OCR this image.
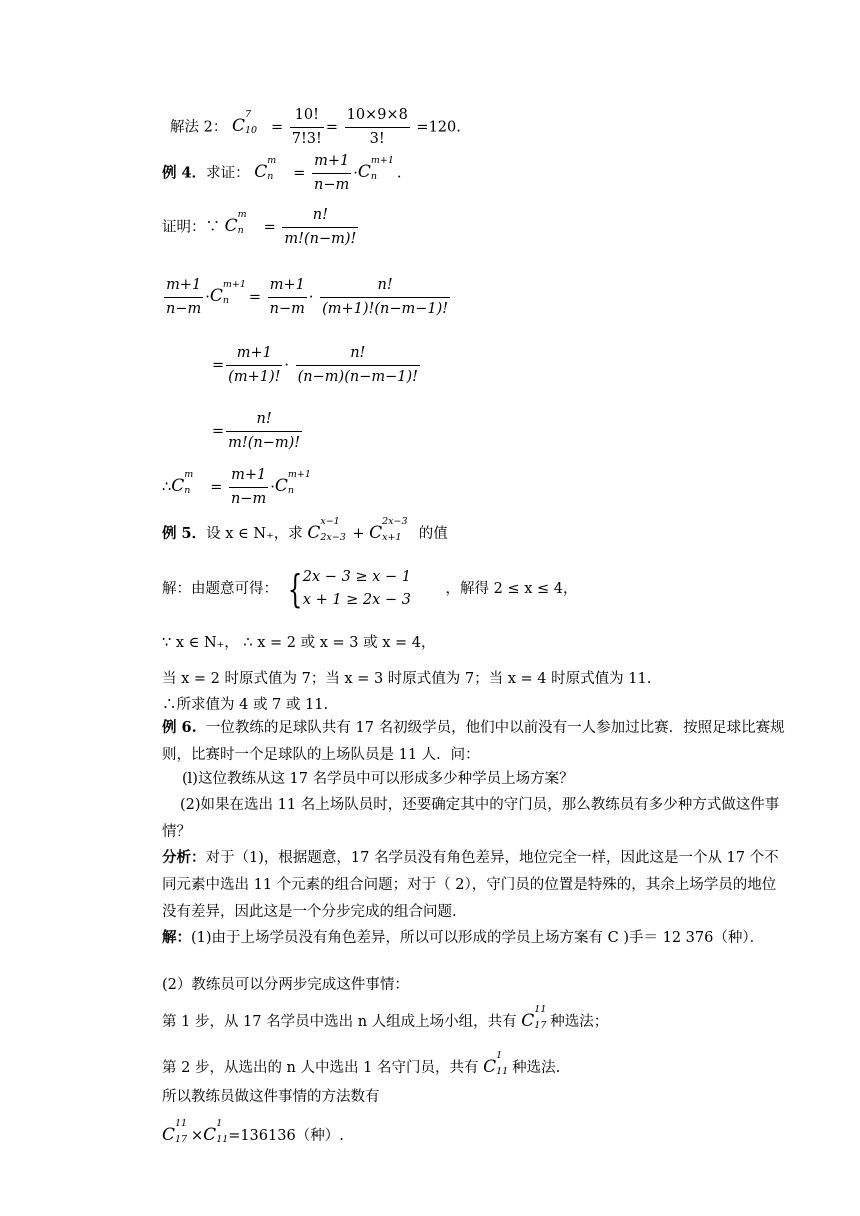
解法 2： C
7
$10 = \frac{10!}{7!3!} = \frac{10\times 9\times 8}{3!} =120$.
例 4．求证： C
m
$n = \frac{m+1}{n-m} \cdot C$
m+1
n .
证明：∵ C
m
$n = \frac{n!}{m!(n-m)!}$
$\frac{m+1}{n-m} \cdot C$
m+1
$n = \frac{m+1}{n-m} \cdot \frac{n!}{(m+1)!(n-m-1)!}$
= $\frac{m+1}{(m+1)!} \cdot \frac{n!}{(n-m)(n-m-1)!}$
= $\frac{n!}{m!(n-m)!}$
∴C
m
$n = \frac{m+1}{n-m} \cdot C$
m+1
n
例 5．设 x ∈ N₊，求 C
x−1
2x−3 + C
2x−3
x+1 的值
解：由题意可得： { 2x − 3 ≥ x − 1
x + 1 ≥ 2x − 3
，解得 2 ≤ x ≤ 4，
∵ x ∈ N₊， ∴ x = 2 或 x = 3 或 x = 4，
当 x = 2 时原式值为 7；当 x = 3 时原式值为 7；当 x = 4 时原式值为 11.
∴所求值为 4 或 7 或 11.
例 6. 一位教练的足球队共有 17 名初级学员，他们中以前没有一人参加过比赛．按照足球比赛规则，比赛时一个足球队的上场队员是 11 人．问：
(l)这位教练从这 17 名学员中可以形成多少种学员上场方案？
(2)如果在选出 11 名上场队员时，还要确定其中的守门员，那么教练员有多少种方式做这件事情？
分析：对于（1)，根据题意，17 名学员没有角色差异，地位完全一样，因此这是一个从 17 个不同元素中选出 11 个元素的组合问题；对于（ 2），守门员的位置是特殊的，其余上场学员的地位没有差异，因此这是一个分步完成的组合问题.
解：(1)由于上场学员没有角色差异，所以可以形成的学员上场方案有 C )手＝ 12 376（种）．
(2）教练员可以分两步完成这件事情：
第 1 步，从 17 名学员中选出 n 人组成上场小组，共有 C
11
17 种选法；
第 2 步，从选出的 n 人中选出 1 名守门员，共有 C
1
11 种选法.
所以教练员做这件事情的方法数有
C
11
17 ×C
1
11 =136136（种）.
